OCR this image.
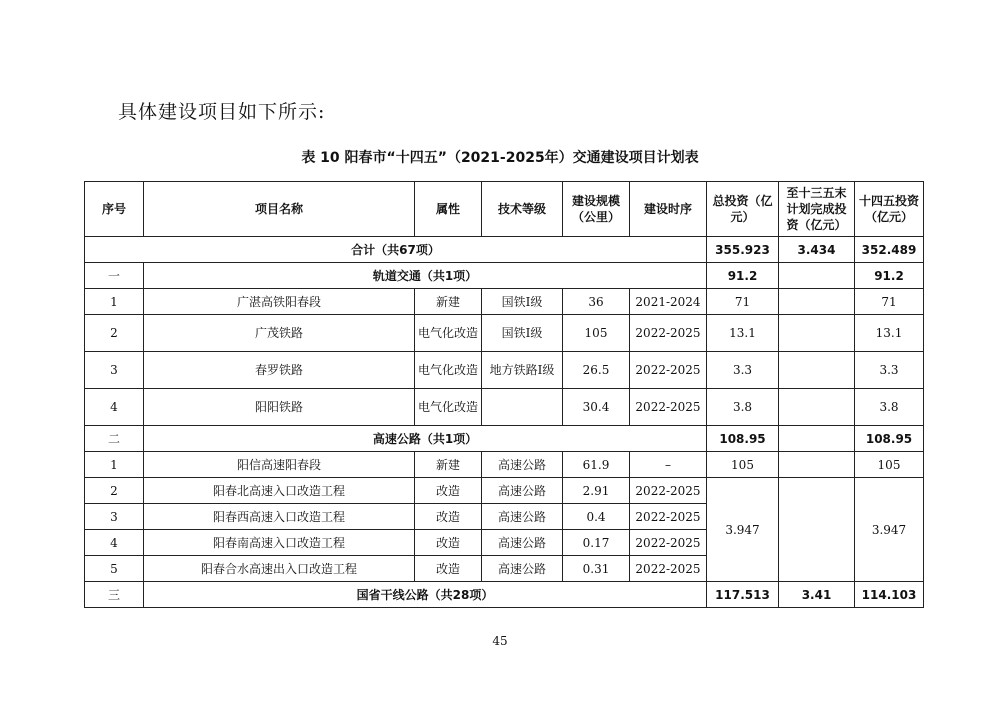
具体建设项目如下所示:
表 10 阳春市“十四五”（2021-2025年）交通建设项目计划表
序号	项目名称	属性	技术等级	建设规模（公里）	建设时序	总投资（亿元）	至十三五末计划完成投资（亿元）	十四五投资（亿元）
合计（共67项）						355.923	3.434	352.489
一	轨道交通（共1项）					91.2		91.2
1	广湛高铁阳春段	新建	国铁Ⅰ级	36	2021-2024	71		71
2	广茂铁路	电气化改造	国铁Ⅰ级	105	2022-2025	13.1		13.1
3	春罗铁路	电气化改造	地方铁路Ⅰ级	26.5	2022-2025	3.3		3.3
4	阳阳铁路	电气化改造		30.4	2022-2025	3.8		3.8
二	高速公路（共1项）					108.95		108.95
1	阳信高速阳春段	新建	高速公路	61.9	–	105		105
2	阳春北高速入口改造工程	改造	高速公路	2.91	2022-2025	3.947		3.947
3	阳春西高速入口改造工程	改造	高速公路	0.4	2022-2025			
4	阳春南高速入口改造工程	改造	高速公路	0.17	2022-2025			
5	阳春合水高速出入口改造工程	改造	高速公路	0.31	2022-2025			
三	国省干线公路（共28项）					117.513	3.41	114.103
45
